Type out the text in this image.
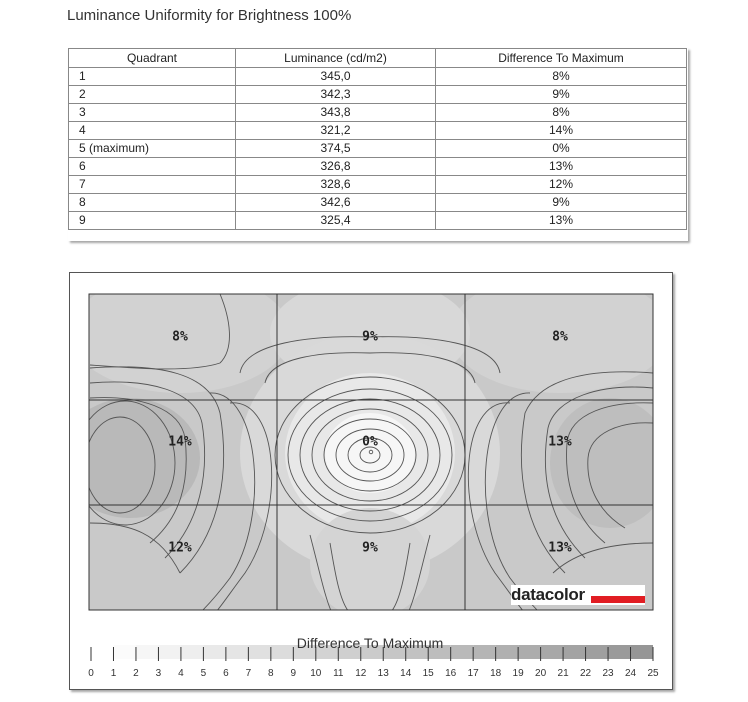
Luminance Uniformity for Brightness 100%
Quadrant	Luminance (cd/m2)	Difference To Maximum
1	345,0	8%
2	342,3	9%
3	343,8	8%
4	321,2	14%
5 (maximum)	374,5	0%
6	326,8	13%
7	328,6	12%
8	342,6	9%
9	325,4	13%
0 1 2 3 4 5 6 7 8 9 10 11 12 13 14 15 16 17 18 19 20 21 22 23 24 25
8%	9%	8%
14%	0%	13%
12%	9%	13%
datacolor
Difference To Maximum
